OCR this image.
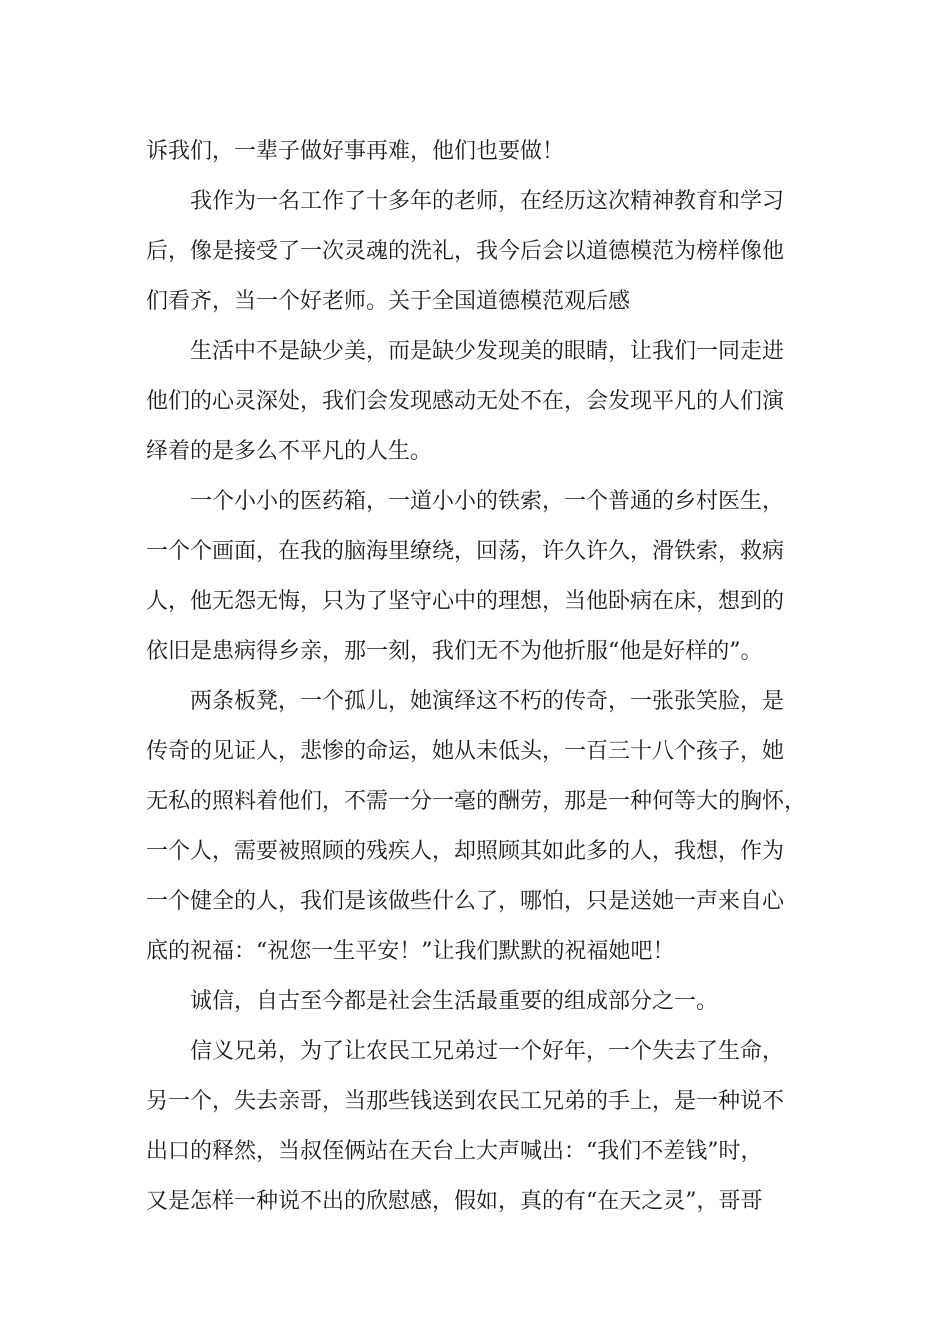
诉我们，一辈子做好事再难，他们也要做！
我作为一名工作了十多年的老师，在经历这次精神教育和学习
后，像是接受了一次灵魂的洗礼，我今后会以道德模范为榜样像他
们看齐，当一个好老师。关于全国道德模范观后感
生活中不是缺少美，而是缺少发现美的眼睛，让我们一同走进
他们的心灵深处，我们会发现感动无处不在，会发现平凡的人们演
绎着的是多么不平凡的人生。
一个小小的医药箱，一道小小的铁索，一个普通的乡村医生，
一个个画面，在我的脑海里缭绕，回荡，许久许久，滑铁索，救病
人，他无怨无悔，只为了坚守心中的理想，当他卧病在床，想到的
依旧是患病得乡亲，那一刻，我们无不为他折服“他是好样的”。
两条板凳，一个孤儿，她演绎这不朽的传奇，一张张笑脸，是
传奇的见证人，悲惨的命运，她从未低头，一百三十八个孩子，她
无私的照料着他们，不需一分一毫的酬劳，那是一种何等大的胸怀，
一个人，需要被照顾的残疾人，却照顾其如此多的人，我想，作为
一个健全的人，我们是该做些什么了，哪怕，只是送她一声来自心
底的祝福：“祝您一生平安！”让我们默默的祝福她吧！
诚信，自古至今都是社会生活最重要的组成部分之一。
信义兄弟，为了让农民工兄弟过一个好年，一个失去了生命，
另一个，失去亲哥，当那些钱送到农民工兄弟的手上，是一种说不
出口的释然，当叔侄俩站在天台上大声喊出：“我们不差钱”时，
又是怎样一种说不出的欣慰感，假如，真的有“在天之灵”，哥哥
